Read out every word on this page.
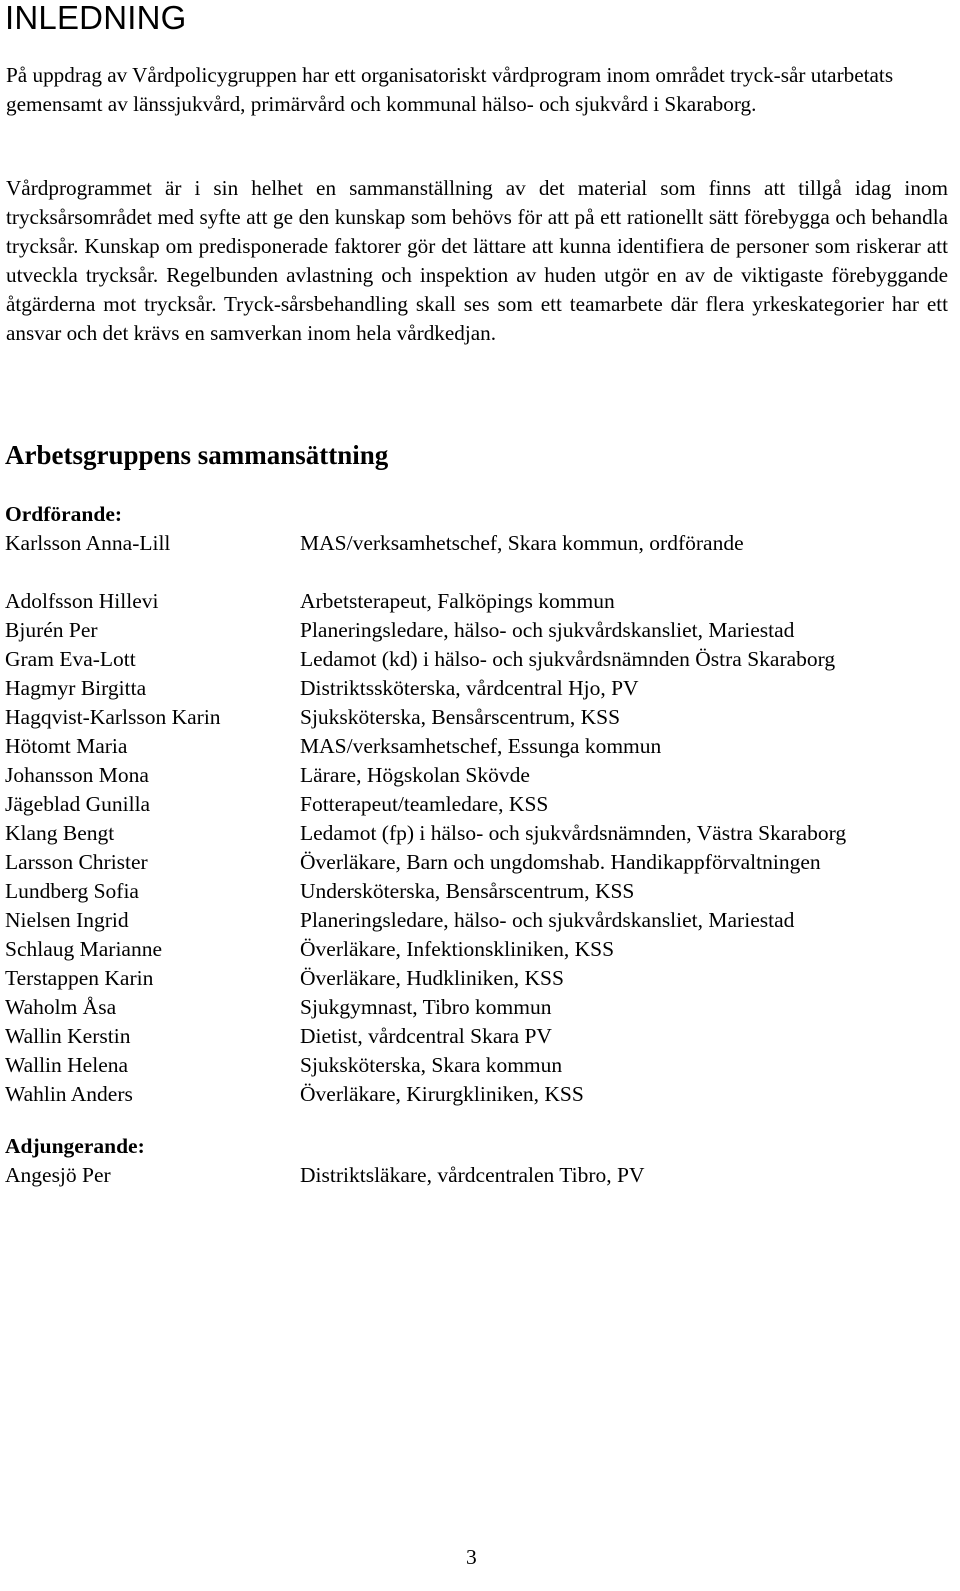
INLEDNING

På uppdrag av Vårdpolicygruppen har ett organisatoriskt vårdprogram inom området tryck-sår utarbetats gemensamt av länssjukvård, primärvård och kommunal hälso- och sjukvård i Skaraborg.

Vårdprogrammet är i sin helhet en sammanställning av det material som finns att tillgå idag inom trycksårsområdet med syfte att ge den kunskap som behövs för att på ett rationellt sätt förebygga och behandla trycksår. Kunskap om predisponerade faktorer gör det lättare att kunna identifiera de personer som riskerar att utveckla trycksår. Regelbunden avlastning och inspektion av huden utgör en av de viktigaste förebyggande åtgärderna mot trycksår. Tryck-sårsbehandling skall ses som ett teamarbete där flera yrkeskategorier har ett ansvar och det krävs en samverkan inom hela vårdkedjan.

Arbetsgruppens sammansättning

Ordförande:

Karlsson Anna-Lill	MAS/verksamhetschef, Skara kommun, ordförande
Adolfsson Hillevi	Arbetsterapeut, Falköpings kommun
Bjurén Per	Planeringsledare, hälso- och sjukvårdskansliet, Mariestad
Gram Eva-Lott	Ledamot (kd) i hälso- och sjukvårdsnämnden Östra Skaraborg
Hagmyr Birgitta	Distriktssköterska, vårdcentral Hjo, PV
Hagqvist-Karlsson Karin	Sjuksköterska, Bensårscentrum, KSS
Hötomt Maria	MAS/verksamhetschef, Essunga kommun
Johansson Mona	Lärare, Högskolan Skövde
Jägeblad Gunilla	Fotterapeut/teamledare, KSS
Klang Bengt	Ledamot (fp) i hälso- och sjukvårdsnämnden, Västra Skaraborg
Larsson Christer	Överläkare, Barn och ungdomshab. Handikappförvaltningen
Lundberg Sofia	Undersköterska, Bensårscentrum, KSS
Nielsen Ingrid	Planeringsledare, hälso- och sjukvårdskansliet, Mariestad
Schlaug Marianne	Överläkare, Infektionskliniken, KSS
Terstappen Karin	Överläkare, Hudkliniken, KSS
Waholm Åsa	Sjukgymnast, Tibro kommun
Wallin Kerstin	Dietist, vårdcentral Skara PV
Wallin Helena	Sjuksköterska, Skara kommun
Wahlin Anders	Överläkare, Kirurgkliniken, KSS

Adjungerande:

Angesjö Per	Distriktsläkare, vårdcentralen Tibro, PV
3
